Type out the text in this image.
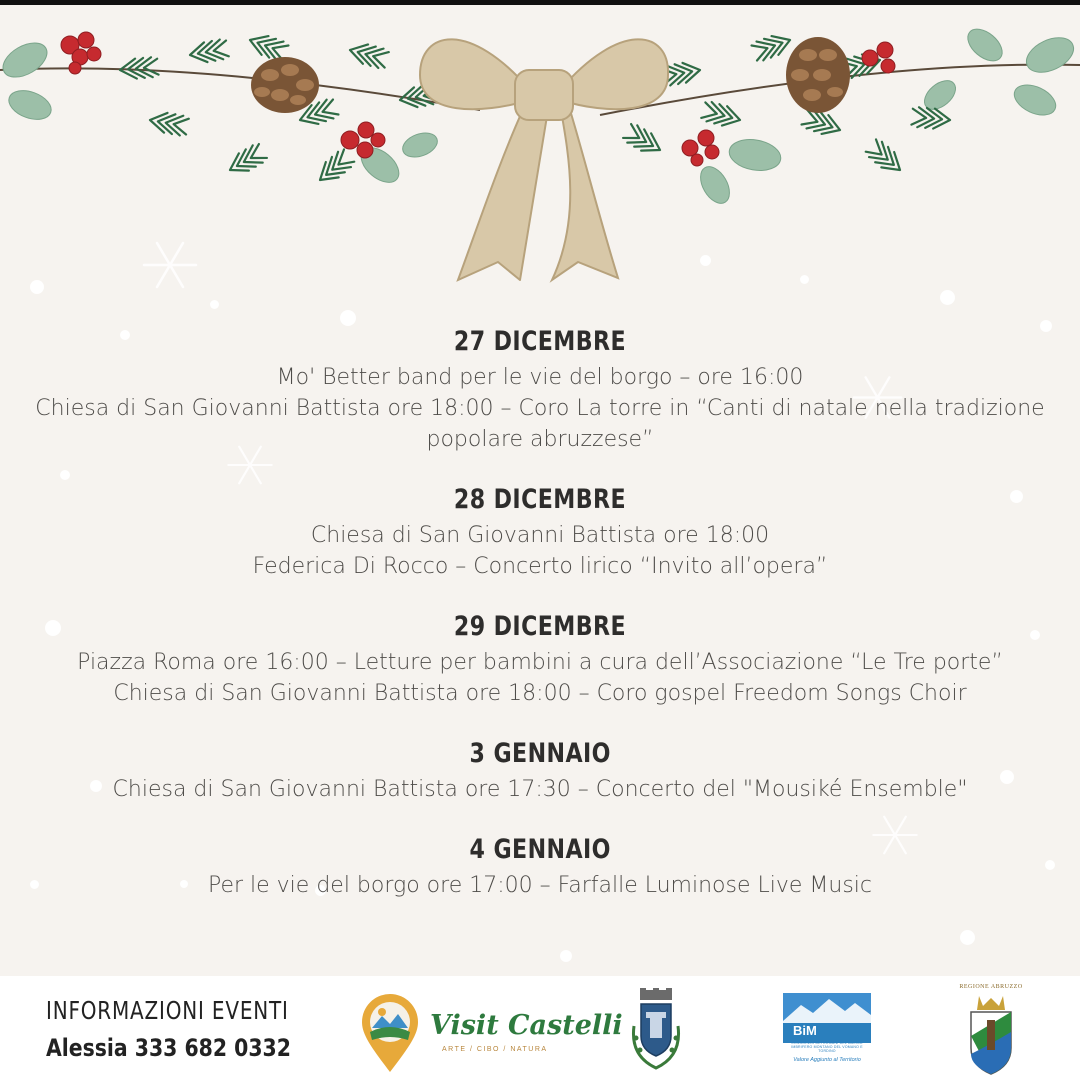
27 DICEMBRE
Mo' Better band per le vie del borgo – ore 16:00
Chiesa di San Giovanni Battista ore 18:00 – Coro La torre in “Canti di natale nella tradizione
popolare abruzzese”
28 DICEMBRE
Chiesa di San Giovanni Battista ore 18:00
Federica Di Rocco – Concerto lirico “Invito all’opera”
29 DICEMBRE
Piazza Roma ore 16:00 – Letture per bambini a cura dell’Associazione “Le Tre porte”
Chiesa di San Giovanni Battista ore 18:00 – Coro gospel Freedom Songs Choir
3 GENNAIO
Chiesa di San Giovanni Battista ore 17:30 – Concerto del "Mousiké Ensemble"
4 GENNAIO
Per le vie del borgo ore 17:00 – Farfalle Luminose Live Music
INFORMAZIONI EVENTI
Alessia 333 682 0332
Visit Castelli
ARTE / CIBO / NATURA
BiM
CONSORZIO DEI COMUNI DEL BACINO IMBRIFERO MONTANO DEL VOMANO E TORDINO
Valore Aggiunto al Territorio
REGIONE ABRUZZO
